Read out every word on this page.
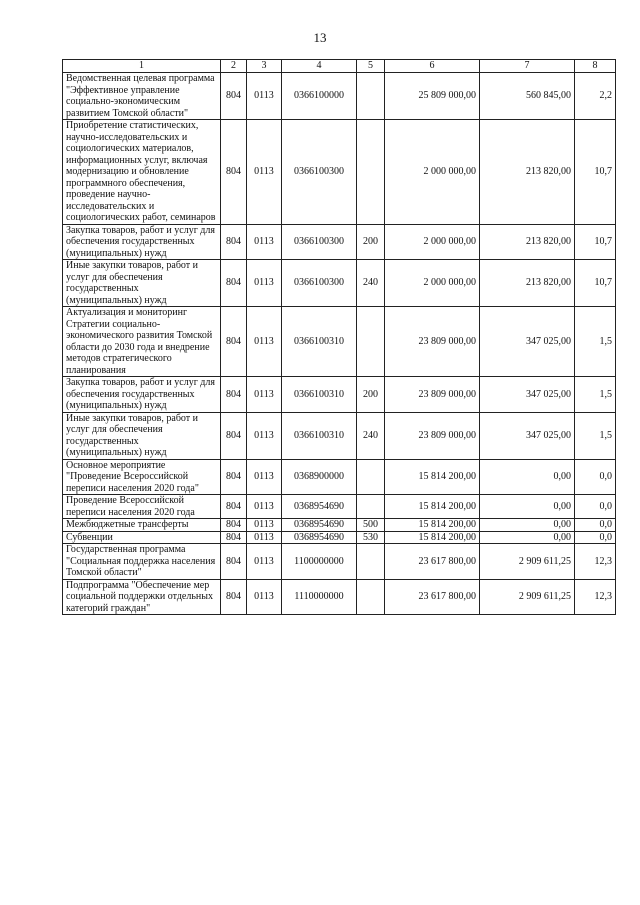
13
1	2	3	4	5	6	7	8
Ведомственная целевая программа "Эффективное управление социально-экономическим развитием Томской области"	804	0113	0366100000		25 809 000,00	560 845,00	2,2
Приобретение статистических, научно-исследовательских и социологических материалов, информационных услуг, включая модернизацию и обновление программного обеспечения, проведение научно-исследовательских и социологических работ, семинаров	804	0113	0366100300		2 000 000,00	213 820,00	10,7
Закупка товаров, работ и услуг для обеспечения государственных (муниципальных) нужд	804	0113	0366100300	200	2 000 000,00	213 820,00	10,7
Иные закупки товаров, работ и услуг для обеспечения государственных (муниципальных) нужд	804	0113	0366100300	240	2 000 000,00	213 820,00	10,7
Актуализация и мониторинг Стратегии социально-экономического развития Томской области до 2030 года и внедрение методов стратегического планирования	804	0113	0366100310		23 809 000,00	347 025,00	1,5
Закупка товаров, работ и услуг для обеспечения государственных (муниципальных) нужд	804	0113	0366100310	200	23 809 000,00	347 025,00	1,5
Иные закупки товаров, работ и услуг для обеспечения государственных (муниципальных) нужд	804	0113	0366100310	240	23 809 000,00	347 025,00	1,5
Основное мероприятие "Проведение Всероссийской переписи населения 2020 года"	804	0113	0368900000		15 814 200,00	0,00	0,0
Проведение Всероссийской переписи населения 2020 года	804	0113	0368954690		15 814 200,00	0,00	0,0
Межбюджетные трансферты	804	0113	0368954690	500	15 814 200,00	0,00	0,0
Субвенции	804	0113	0368954690	530	15 814 200,00	0,00	0,0
Государственная программа "Социальная поддержка населения Томской области"	804	0113	1100000000		23 617 800,00	2 909 611,25	12,3
Подпрограмма "Обеспечение мер социальной поддержки отдельных категорий граждан"	804	0113	1110000000		23 617 800,00	2 909 611,25	12,3
